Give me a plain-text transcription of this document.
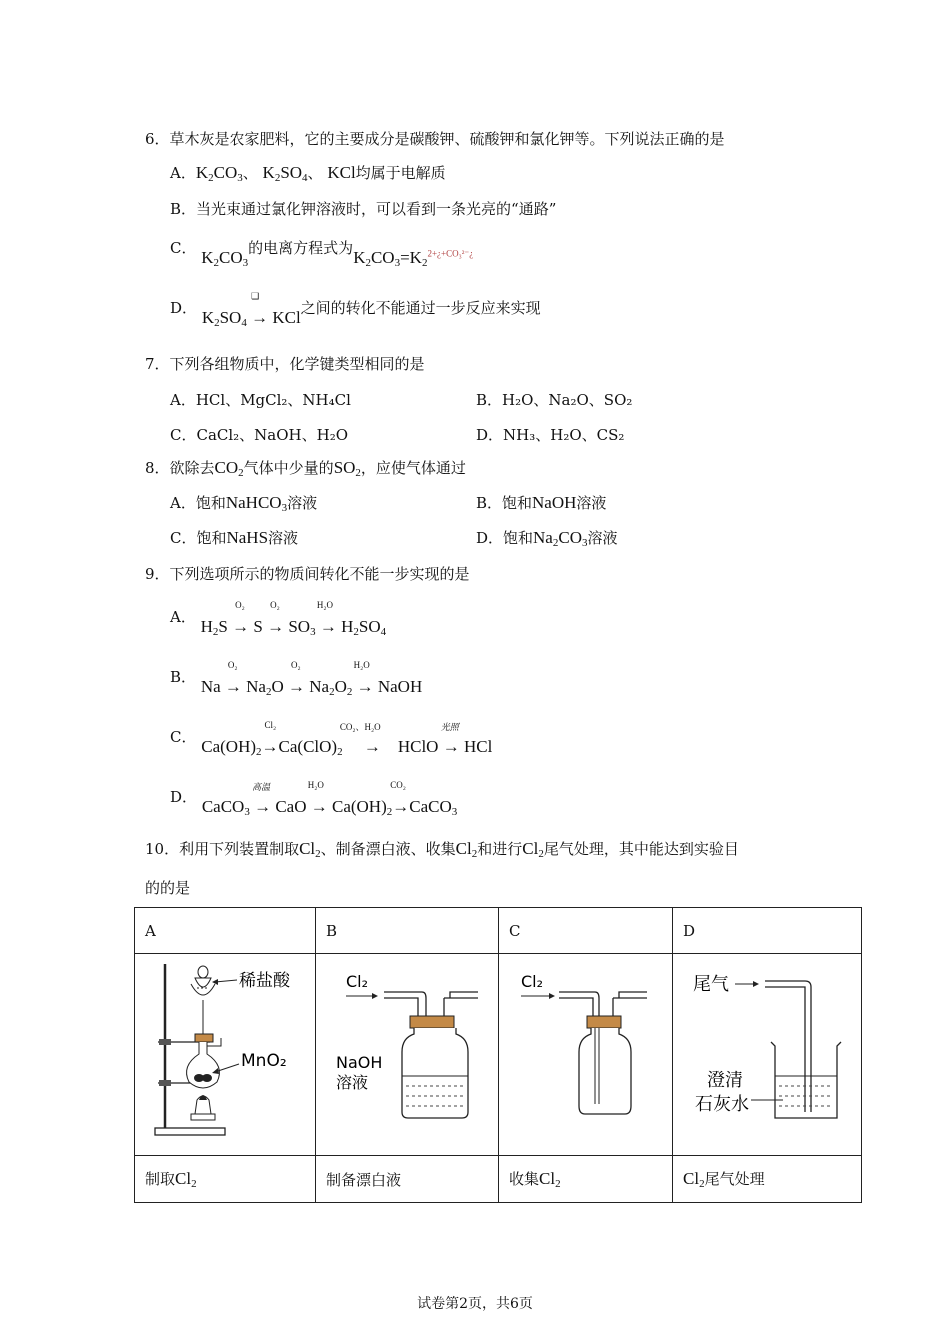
6．草木灰是农家肥料，它的主要成分是碳酸钾、硫酸钾和氯化钾等。下列说法正确的是
A．$K_2CO_3$、 $K_2SO_4$、 KCl均属于电解质
B．当光束通过氯化钾溶液时，可以看到一条光亮的“通路”
C． $K_2CO_3$的电离方程式为$K_2CO_3=K_2^{2+¿+CO_3^{2-}¿}$
D． $K_2SO_4$ →
❑
KCl之间的转化不能通过一步反应来实现
7．下列各组物质中，化学键类型相同的是
A．HCl、MgCl₂、NH₄Cl	B．H₂O、Na₂O、SO₂
C．CaCl₂、NaOH、H₂O	D．NH₃、H₂O、CS₂
8．欲除去$CO_2$气体中少量的$SO_2$，应使气体通过
A．饱和NaHCO$_3$溶液	B．饱和NaOH溶液
C．饱和NaHS溶液	D．饱和$Na_2CO_3$溶液
9．下列选项所示的物质间转化不能一步实现的是
A． $H_2S$ →
O₂
S →
O₂
$SO_3$ →
H₂O
$H_2SO_4$
B． Na →
O₂
$Na_2O$ →
O₂
$Na_2O_2$ →
H₂O
NaOH
C． $Ca(OH)_2\to$
Cl₂
$Ca(ClO)_2$ →
CO₂、H₂O
HClO →
光照
HCl
D． CaCO$_3$ →
高温
CaO →
H₂O
$Ca(OH)_2\to$
CO₂
CaCO$_3$
10．利用下列装置制取$Cl_2$、制备漂白液、收集$Cl_2$和进行$Cl_2$尾气处理，其中能达到实验目
的的是
A	B	C	D

稀盐酸
MnO₂	Cl₂
NaOH
溶液	Cl₂	尾气
澄清
石灰水

制取$Cl_2$	制备漂白液	收集$Cl_2$	$Cl_2$尾气处理
试卷第2页，共6页
